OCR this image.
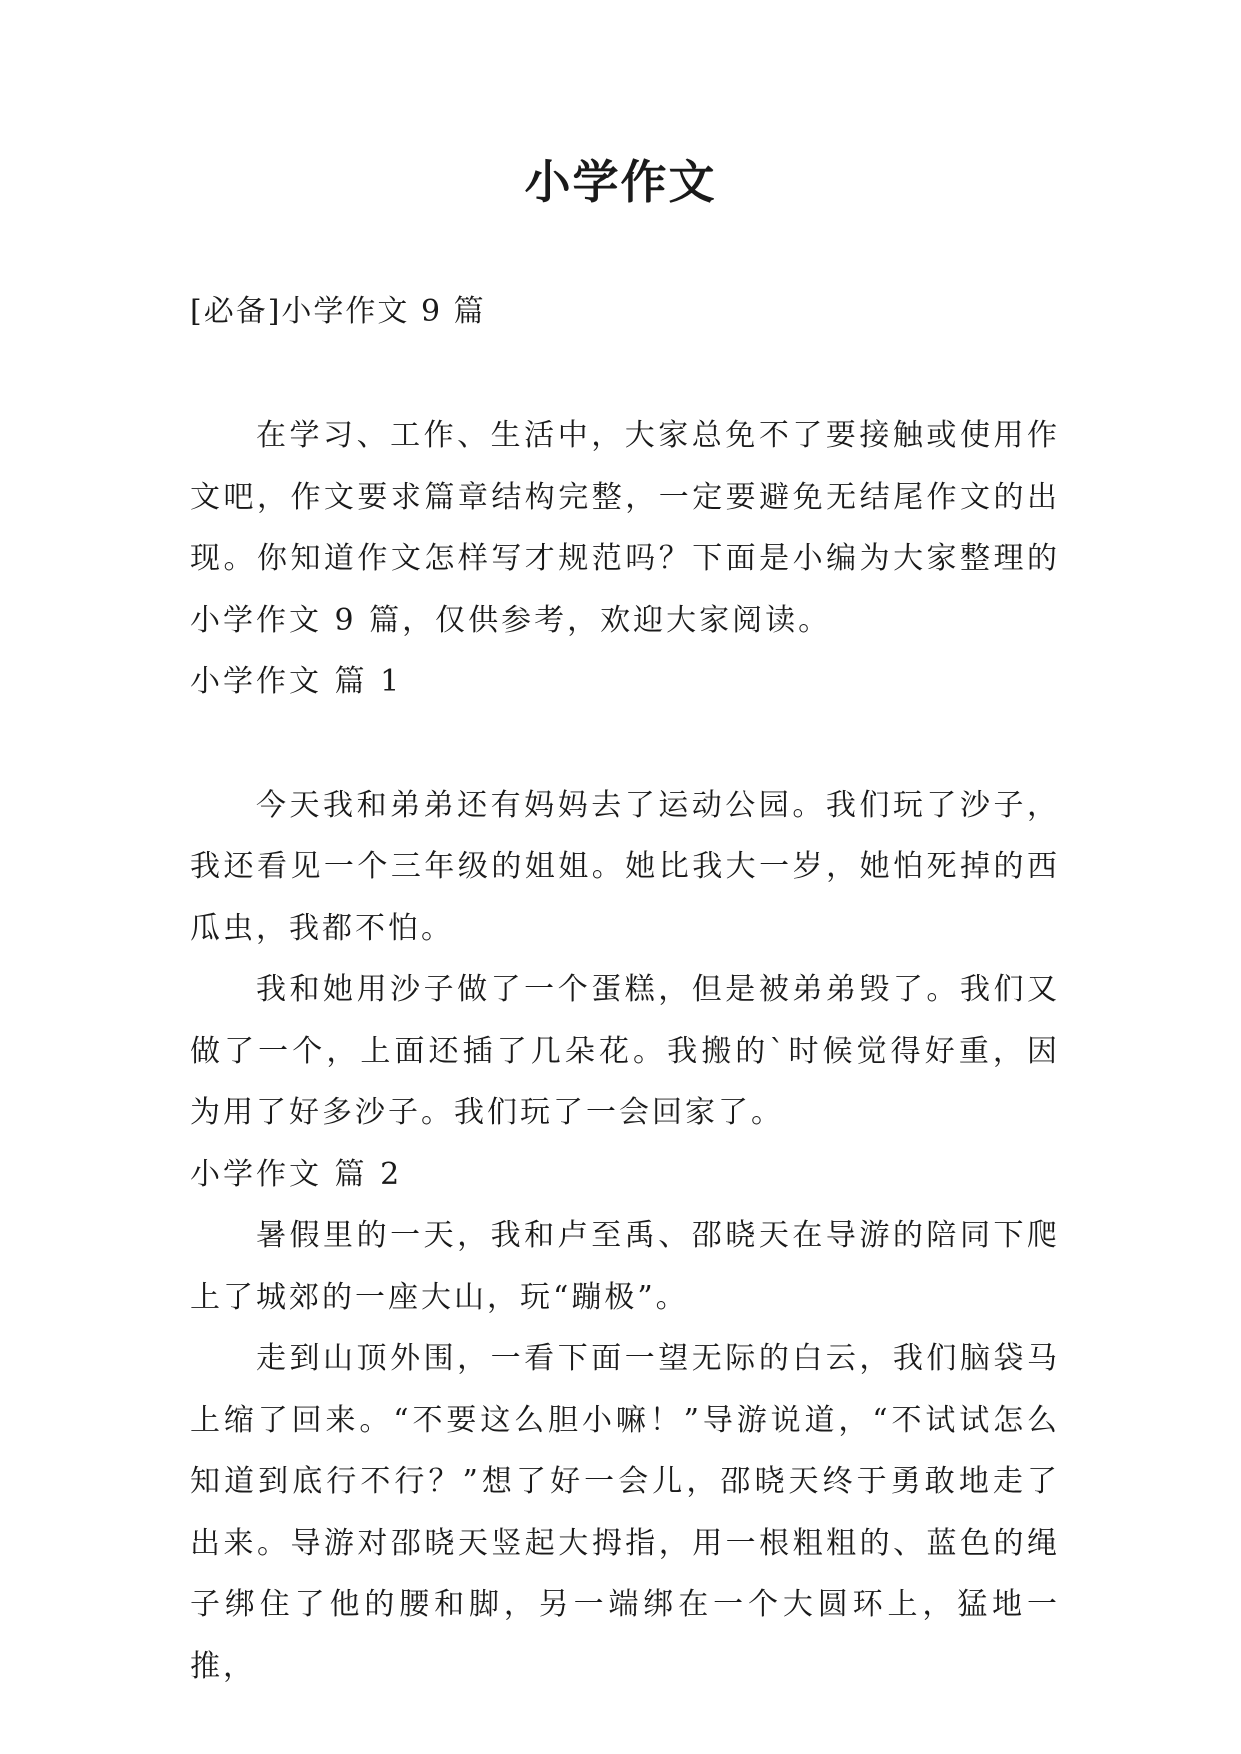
小学作文
[必备]小学作文 9 篇

在学习、工作、生活中，大家总免不了要接触或使用作文吧，作文要求篇章结构完整，一定要避免无结尾作文的出现。你知道作文怎样写才规范吗？下面是小编为大家整理的小学作文 9 篇，仅供参考，欢迎大家阅读。

小学作文 篇 1

今天我和弟弟还有妈妈去了运动公园。我们玩了沙子，我还看见一个三年级的姐姐。她比我大一岁，她怕死掉的西瓜虫，我都不怕。

我和她用沙子做了一个蛋糕，但是被弟弟毁了。我们又做了一个，上面还插了几朵花。我搬的`时候觉得好重，因为用了好多沙子。我们玩了一会回家了。

小学作文 篇 2

暑假里的一天，我和卢至禹、邵晓天在导游的陪同下爬上了城郊的一座大山，玩“蹦极”。

走到山顶外围，一看下面一望无际的白云，我们脑袋马上缩了回来。“不要这么胆小嘛！”导游说道，“不试试怎么知道到底行不行？”想了好一会儿，邵晓天终于勇敢地走了出来。导游对邵晓天竖起大拇指，用一根粗粗的、蓝色的绳子绑住了他的腰和脚，另一端绑在一个大圆环上，猛地一推，
